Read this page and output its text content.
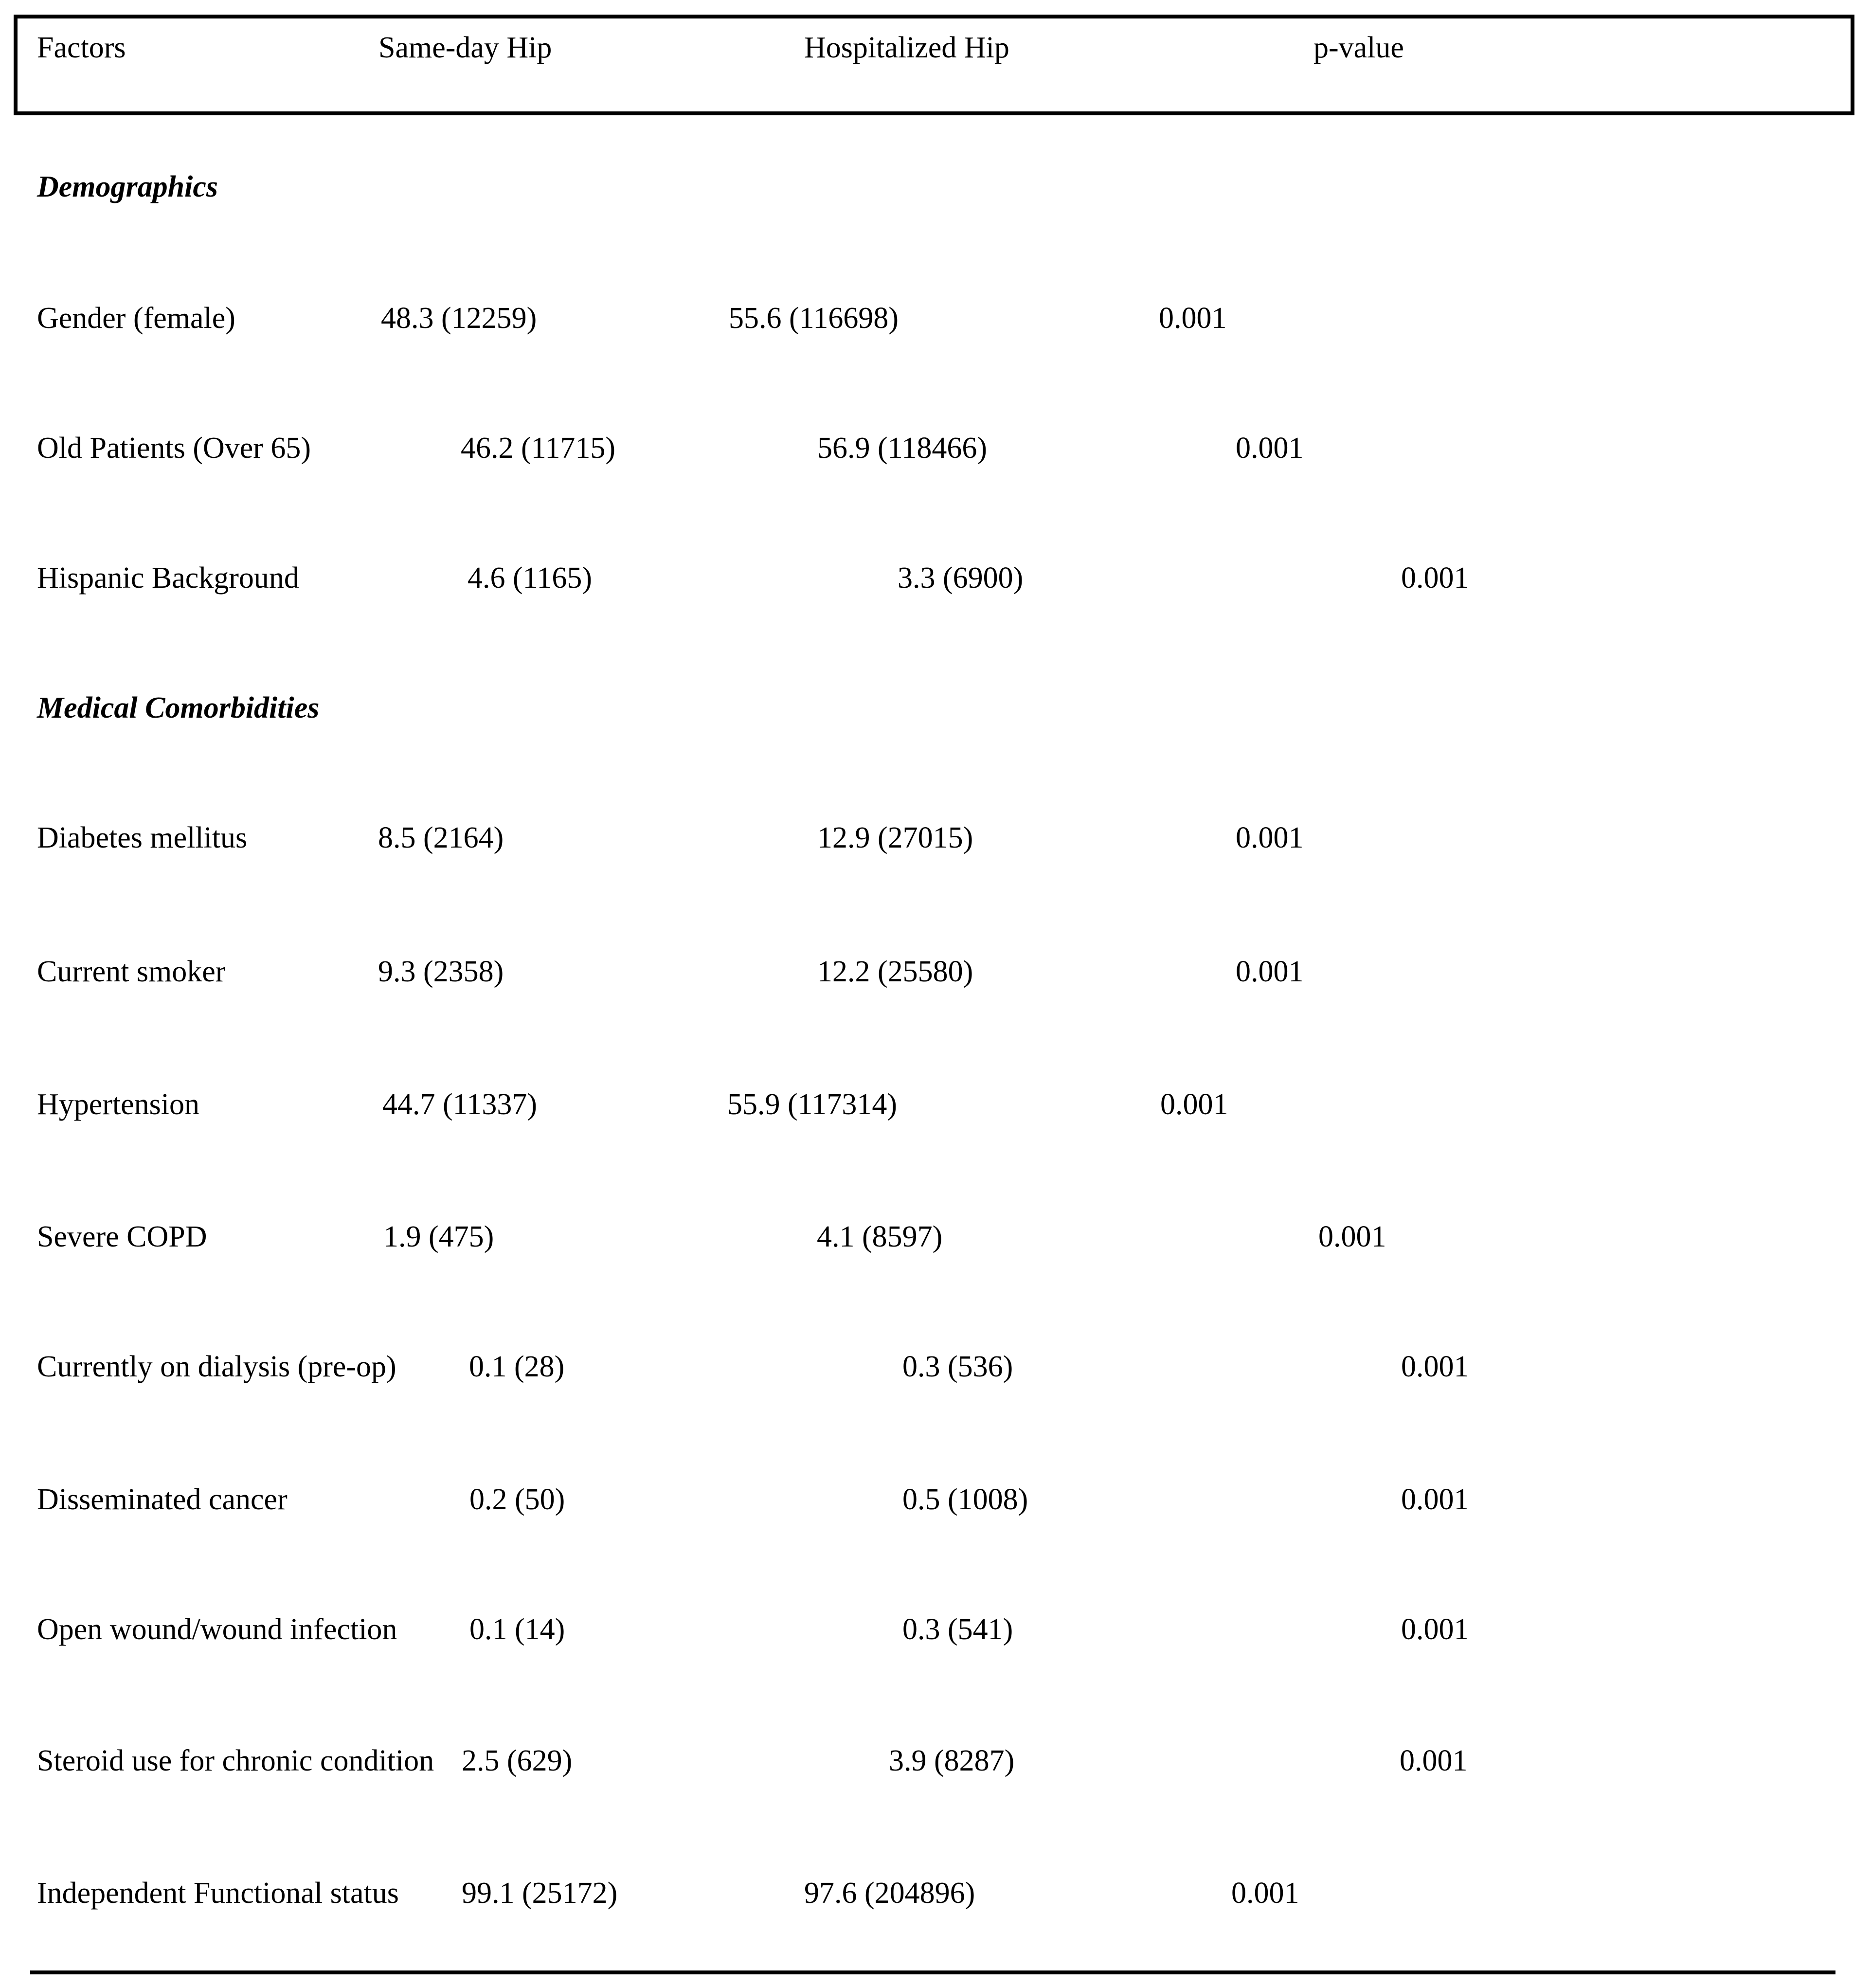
Factors	Same-day Hip	Hospitalized Hip	p-value
Demographics
Gender (female)	48.3 (12259)	55.6 (116698)	0.001
Old Patients (Over 65)	46.2 (11715)	56.9 (118466)	0.001
Hispanic Background	4.6 (1165)	3.3 (6900)	0.001
Medical Comorbidities
Diabetes mellitus	8.5 (2164)	12.9 (27015)	0.001
Current smoker	9.3 (2358)	12.2 (25580)	0.001
Hypertension	44.7 (11337)	55.9 (117314)	0.001
Severe COPD	1.9 (475)	4.1 (8597)	0.001
Currently on dialysis (pre-op) 0.1 (28)	0.3 (536)	0.001
Disseminated cancer	0.2 (50)	0.5 (1008)	0.001
Open wound/wound infection 0.1 (14)	0.3 (541)	0.001
Steroid use for chronic condition 2.5 (629)	3.9 (8287)	0.001
Independent Functional status 99.1 (25172)	97.6 (204896)	0.001
